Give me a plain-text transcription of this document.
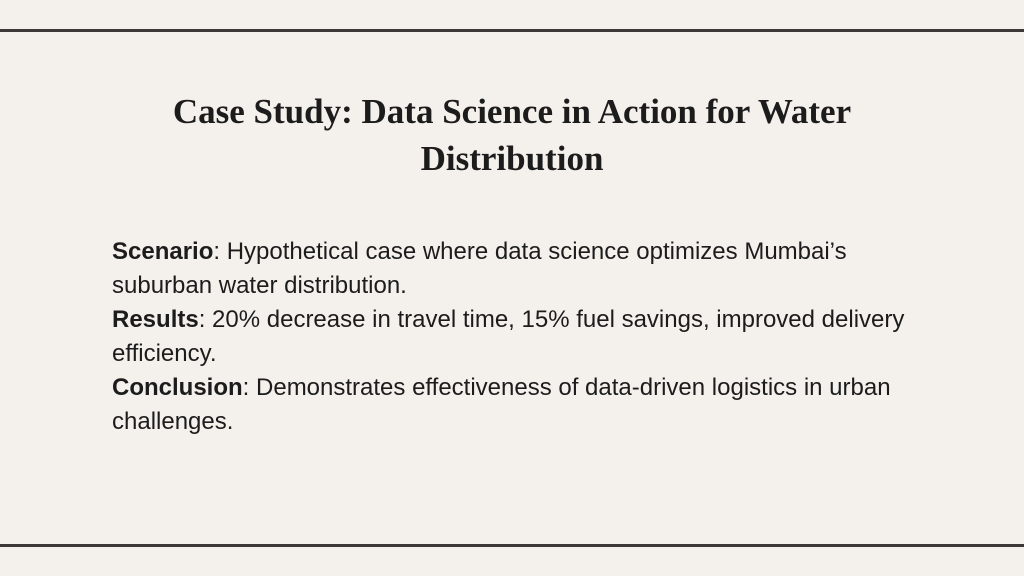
Case Study: Data Science in Action for Water Distribution

Scenario: Hypothetical case where data science optimizes Mumbai’s suburban water distribution.

Results: 20% decrease in travel time, 15% fuel savings, improved delivery efficiency.

Conclusion: Demonstrates effectiveness of data-driven logistics in urban challenges.
